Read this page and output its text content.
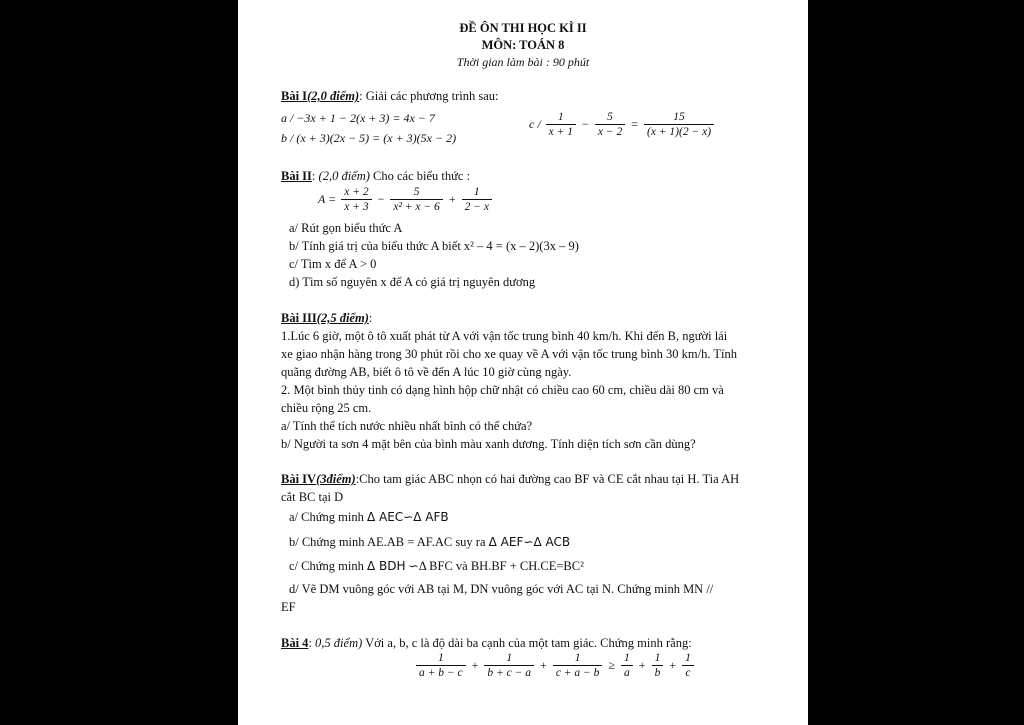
ĐỀ ÔN THI HỌC KÌ II
MÔN: TOÁN 8
Thời gian làm bài : 90 phút
Bài I(2,0 điểm): Giải các phương trình sau:
a / −3x + 1 − 2(x + 3) = 4x − 7
b / (x + 3)(2x − 5) = (x + 3)(5x − 2)
$c / \frac{1}{x + 1} - \frac{5}{x - 2} = \frac{15}{(x + 1)(2 - x)}$
Bài II: (2,0 điểm) Cho các biểu thức :
$A = \frac{x + 2}{x + 3} - \frac{5}{\text{x² + x − 6}} + \frac{1}{2 - x}$
a/ Rút gọn biểu thức A
b/ Tính giá trị của biểu thức A biết x² – 4 = (x – 2)(3x – 9)
c/ Tìm x để A > 0
d) Tìm số nguyên x để A có giá trị nguyên dương
Bài III(2,5 điểm):
1.Lúc 6 giờ, một ô tô xuất phát từ A với vận tốc trung bình 40 km/h. Khi đến B, người lái
xe giao nhận hàng trong 30 phút rồi cho xe quay về A với vận tốc trung bình 30 km/h. Tính
quãng đường AB, biết ô tô về đến A lúc 10 giờ cùng ngày.
2. Một bình thủy tinh có dạng hình hộp chữ nhật có chiều cao 60 cm, chiều dài 80 cm và
chiều rộng 25 cm.
a/ Tính thể tích nước nhiều nhất bình có thể chứa?
b/ Người ta sơn 4 mặt bên của bình màu xanh dương. Tính diện tích sơn cần dùng?
Bài IV(3điểm):Cho tam giác ABC nhọn có hai đường cao BF và CE cắt nhau tại H. Tia AH
cắt BC tại D
a/ Chứng minh Δ AEC∽Δ AFB
b/ Chứng minh AE.AB = AF.AC suy ra Δ AEF∽Δ ACB
c/ Chứng minh Δ BDH ∽Δ BFC và BH.BF + CH.CE=BC²
d/ Vẽ DM vuông góc với AB tại M, DN vuông góc với AC tại N. Chứng minh MN //
EF
Bài 4: 0,5 điểm) Với a, b, c là độ dài ba cạnh của một tam giác. Chứng minh rằng:
$\frac{1}{a + b - c} + \frac{1}{b + c - a} + \frac{1}{c + a - b} \ge \frac{1}{a} + \frac{1}{b} + \frac{1}{c}$
